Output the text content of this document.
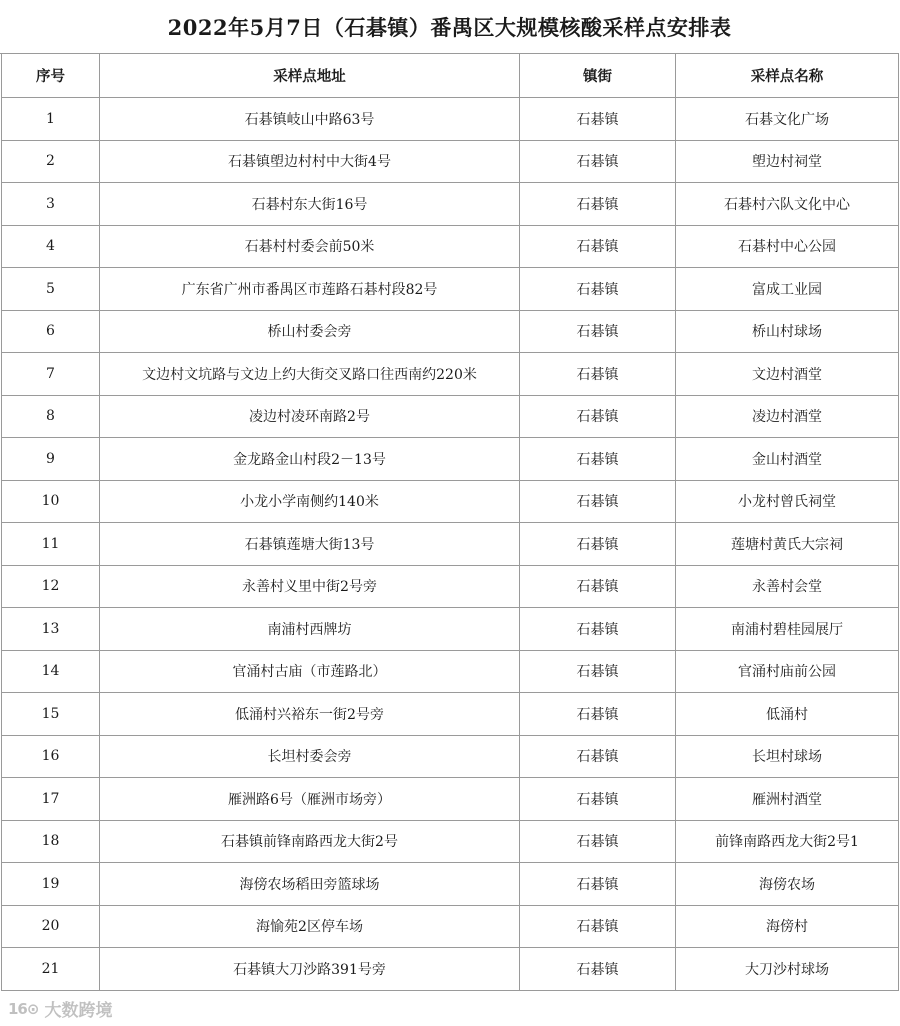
2022年5月7日（石碁镇）番禺区大规模核酸采样点安排表
序号	采样点地址	镇街	采样点名称
1	石碁镇岐山中路63号	石碁镇	石碁文化广场
2	石碁镇塱边村村中大街4号	石碁镇	塱边村祠堂
3	石碁村东大街16号	石碁镇	石碁村六队文化中心
4	石碁村村委会前50米	石碁镇	石碁村中心公园
5	广东省广州市番禺区市莲路石碁村段82号	石碁镇	富成工业园
6	桥山村委会旁	石碁镇	桥山村球场
7	文边村文坑路与文边上约大街交叉路口往西南约220米	石碁镇	文边村酒堂
8	凌边村凌环南路2号	石碁镇	凌边村酒堂
9	金龙路金山村段2－13号	石碁镇	金山村酒堂
10	小龙小学南侧约140米	石碁镇	小龙村曾氏祠堂
11	石碁镇莲塘大街13号	石碁镇	莲塘村黄氏大宗祠
12	永善村义里中街2号旁	石碁镇	永善村会堂
13	南浦村西牌坊	石碁镇	南浦村碧桂园展厅
14	官涌村古庙（市莲路北）	石碁镇	官涌村庙前公园
15	低涌村兴裕东一街2号旁	石碁镇	低涌村
16	长坦村委会旁	石碁镇	长坦村球场
17	雁洲路6号（雁洲市场旁）	石碁镇	雁洲村酒堂
18	石碁镇前锋南路西龙大街2号	石碁镇	前锋南路西龙大街2号1
19	海傍农场稻田旁篮球场	石碁镇	海傍农场
20	海愉苑2区停车场	石碁镇	海傍村
21	石碁镇大刀沙路391号旁	石碁镇	大刀沙村球场
16⊙ 大数跨境
